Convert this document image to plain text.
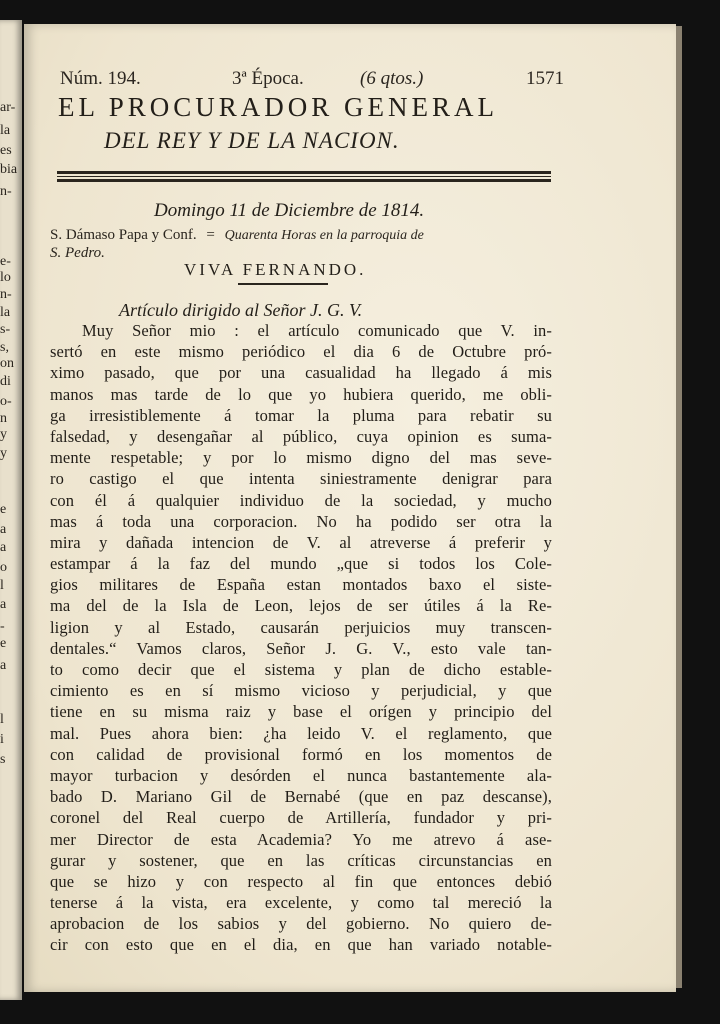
ar-
la
es
bia
n-
e-
lo
n-
la
s-
s,
on
di
o-
n
y
y
e
a
a
o
l
a
-
e
a
l
i
s
Núm. 194.	3ª Época.	(6 qtos.)	1571
EL PROCURADOR GENERAL
DEL REY Y DE LA NACION.
Domingo 11 de Diciembre de 1814.
S. Dámaso Papa y Conf. = Quarenta Horas en la parroquia de
S. Pedro.
VIVA FERNANDO.
Artículo dirigido al Señor J. G. V.
Muy Señor mio : el artículo comunicado que V. in-
sertó en este mismo periódico el dia 6 de Octubre pró-
ximo pasado, que por una casualidad ha llegado á mis
manos mas tarde de lo que yo hubiera querido, me obli-
ga irresistiblemente á tomar la pluma para rebatir su
falsedad, y desengañar al público, cuya opinion es suma-
mente respetable; y por lo mismo digno del mas seve-
ro castigo el que intenta siniestramente denigrar para
con él á qualquier individuo de la sociedad, y mucho
mas á toda una corporacion. No ha podido ser otra la
mira y dañada intencion de V. al atreverse á preferir y
estampar á la faz del mundo „que si todos los Cole-
gios militares de España estan montados baxo el siste-
ma del de la Isla de Leon, lejos de ser útiles á la Re-
ligion y al Estado, causarán perjuicios muy transcen-
dentales.“ Vamos claros, Señor J. G. V., esto vale tan-
to como decir que el sistema y plan de dicho estable-
cimiento es en sí mismo vicioso y perjudicial, y que
tiene en su misma raiz y base el orígen y principio del
mal. Pues ahora bien: ¿ha leido V. el reglamento, que
con calidad de provisional formó en los momentos de
mayor turbacion y desórden el nunca bastantemente ala-
bado D. Mariano Gil de Bernabé (que en paz descanse),
coronel del Real cuerpo de Artillería, fundador y pri-
mer Director de esta Academia? Yo me atrevo á ase-
gurar y sostener, que en las críticas circunstancias en
que se hizo y con respecto al fin que entonces debió
tenerse á la vista, era excelente, y como tal mereció la
aprobacion de los sabios y del gobierno. No quiero de-
cir con esto que en el dia, en que han variado notable-
